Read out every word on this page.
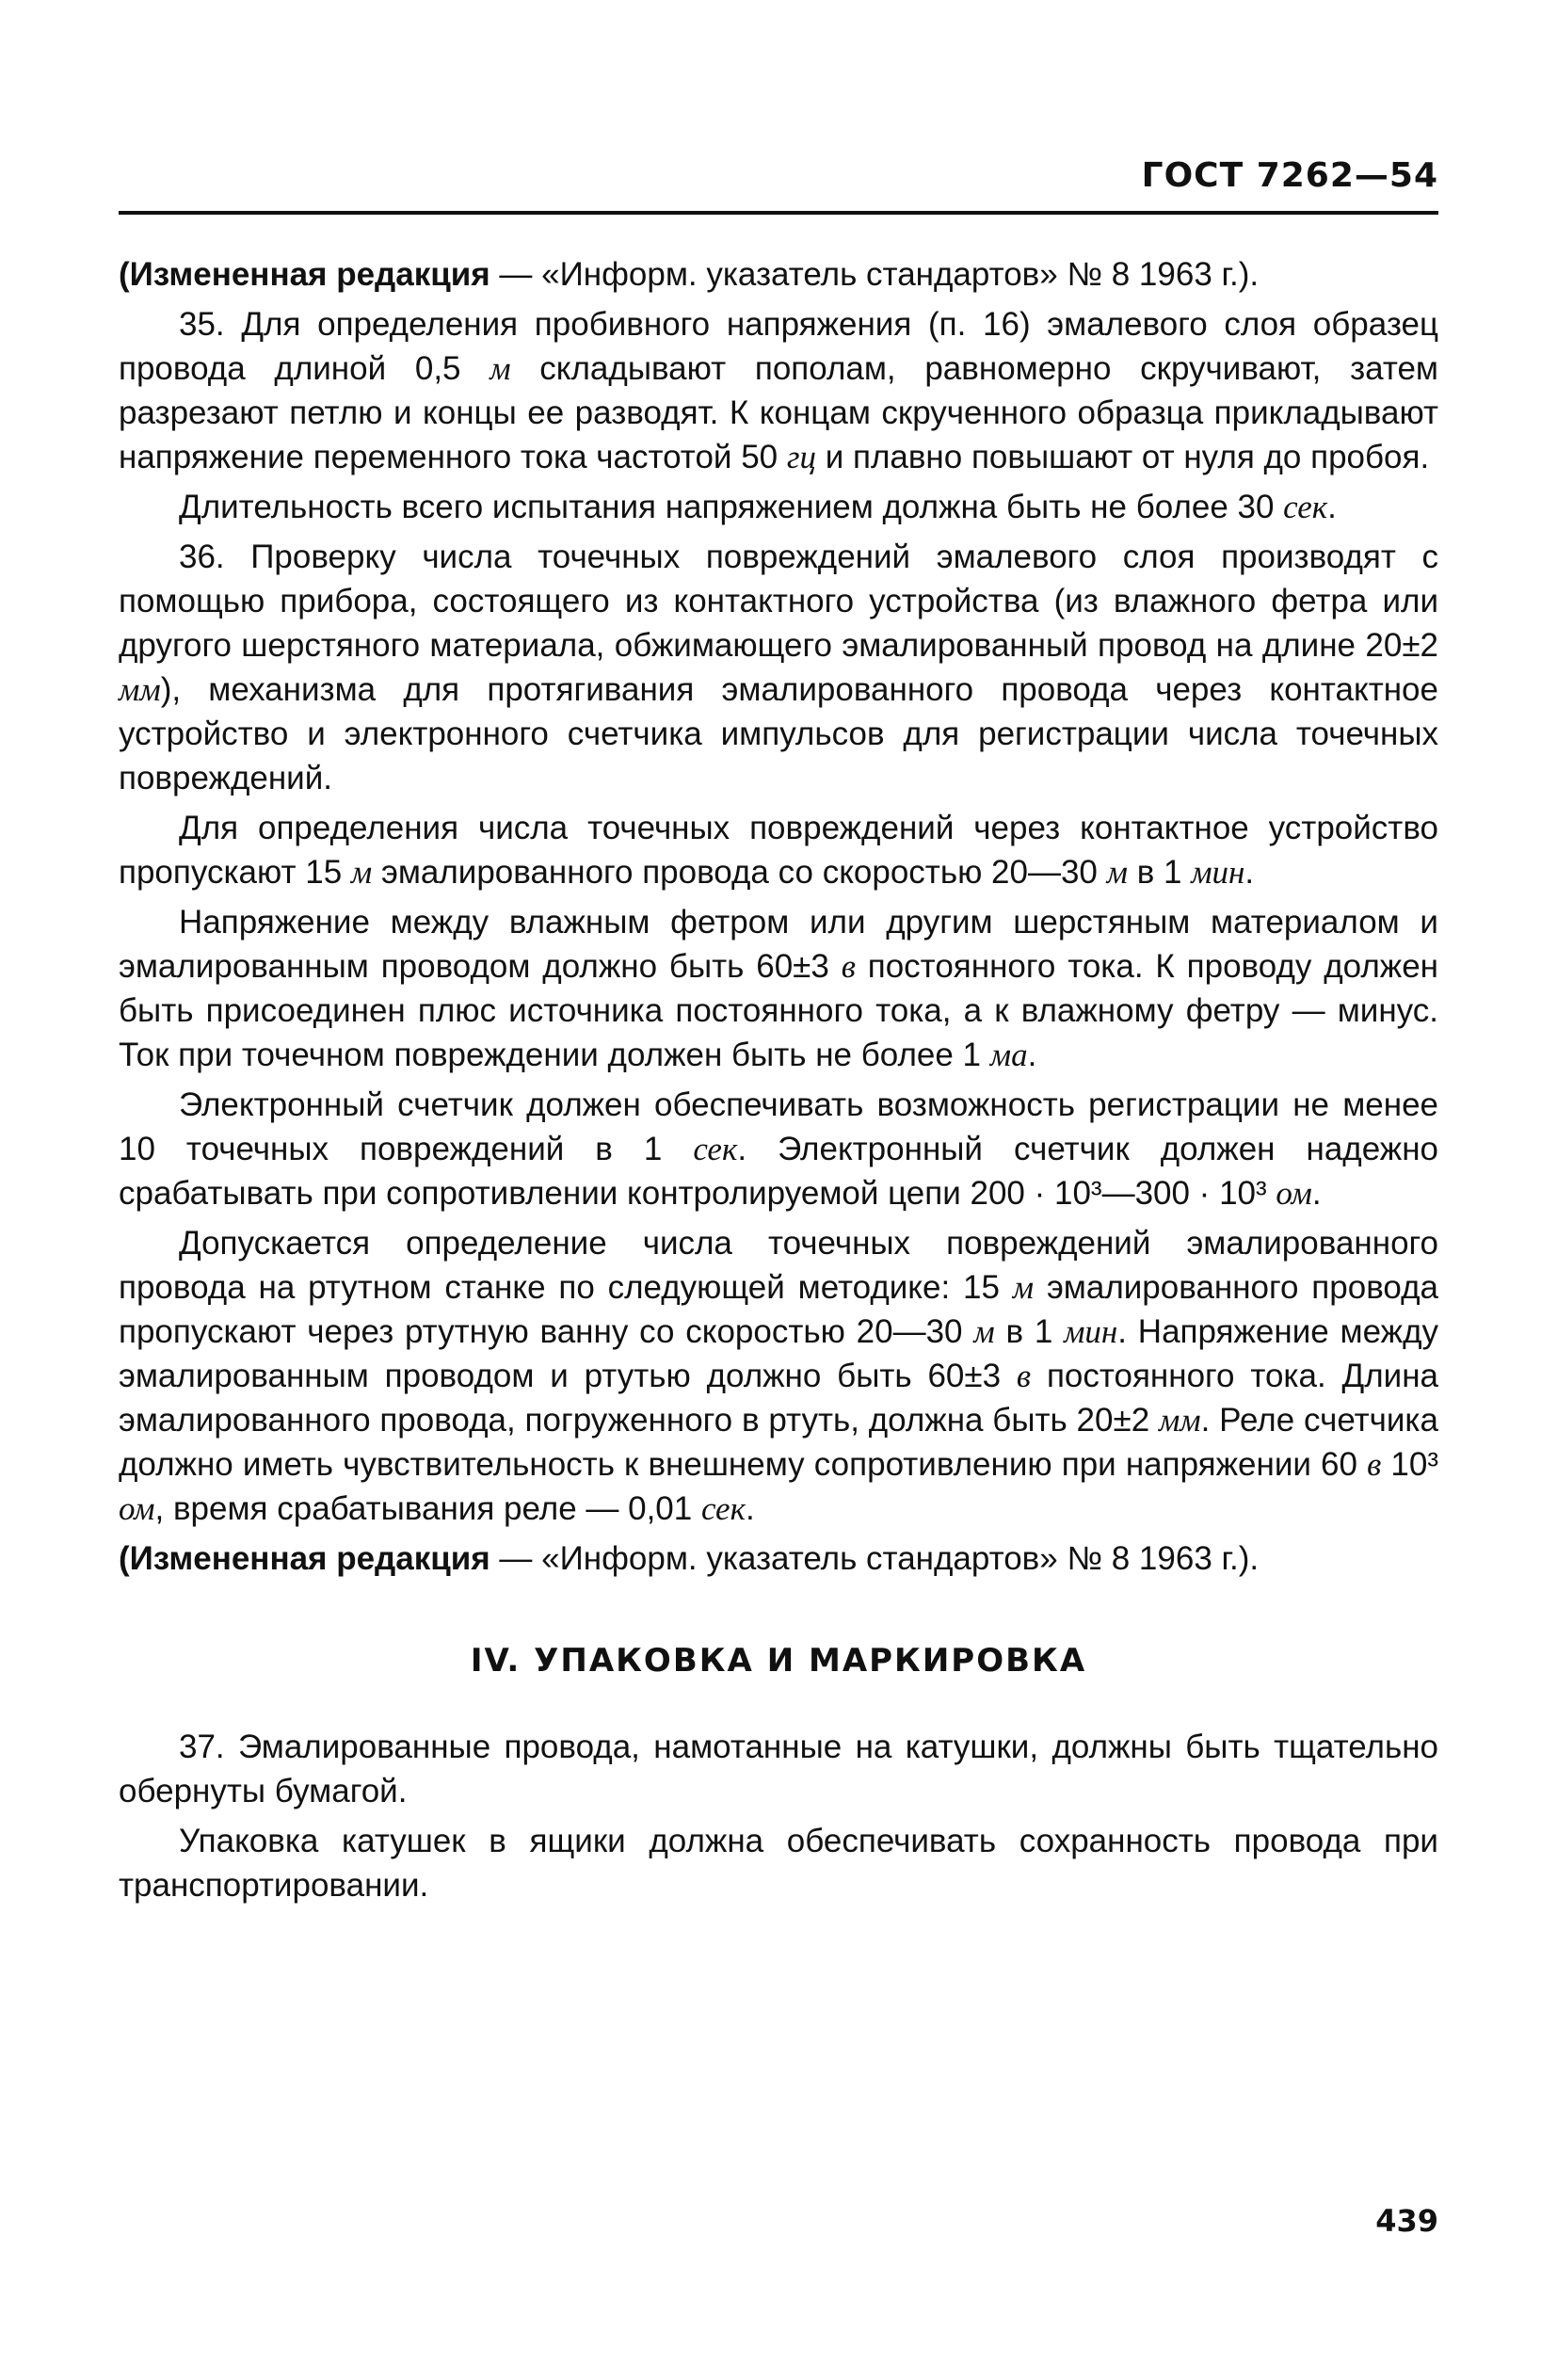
ГОСТ 7262—54

(Измененная редакция — «Информ. указатель стандартов» № 8 1963 г.).

35. Для определения пробивного напряжения (п. 16) эмалевого слоя образец провода длиной 0,5 м складывают пополам, равномерно скручивают, затем разрезают петлю и концы ее разводят. К концам скрученного образца прикладывают напряжение переменного тока частотой 50 гц и плавно повышают от нуля до пробоя.

Длительность всего испытания напряжением должна быть не более 30 сек.

36. Проверку числа точечных повреждений эмалевого слоя производят с помощью прибора, состоящего из контактного устройства (из влажного фетра или другого шерстяного материала, обжимающего эмалированный провод на длине 20±2 мм), механизма для протягивания эмалированного провода через контактное устройство и электронного счетчика импульсов для регистрации числа точечных повреждений.

Для определения числа точечных повреждений через контактное устройство пропускают 15 м эмалированного провода со скоростью 20—30 м в 1 мин.

Напряжение между влажным фетром или другим шерстяным материалом и эмалированным проводом должно быть 60±3 в постоянного тока. К проводу должен быть присоединен плюс источника постоянного тока, а к влажному фетру — минус. Ток при точечном повреждении должен быть не более 1 ма.

Электронный счетчик должен обеспечивать возможность регистрации не менее 10 точечных повреждений в 1 сек. Электронный счетчик должен надежно срабатывать при сопротивлении контролируемой цепи 200 · 10³—300 · 10³ ом.

Допускается определение числа точечных повреждений эмалированного провода на ртутном станке по следующей методике: 15 м эмалированного провода пропускают через ртутную ванну со скоростью 20—30 м в 1 мин. Напряжение между эмалированным проводом и ртутью должно быть 60±3 в постоянного тока. Длина эмалированного провода, погруженного в ртуть, должна быть 20±2 мм. Реле счетчика должно иметь чувствительность к внешнему сопротивлению при напряжении 60 в 10³ ом, время срабатывания реле — 0,01 сек.

(Измененная редакция — «Информ. указатель стандартов» № 8 1963 г.).

IV. УПАКОВКА И МАРКИРОВКА

37. Эмалированные провода, намотанные на катушки, должны быть тщательно обернуты бумагой.

Упаковка катушек в ящики должна обеспечивать сохранность провода при транспортировании.

439
